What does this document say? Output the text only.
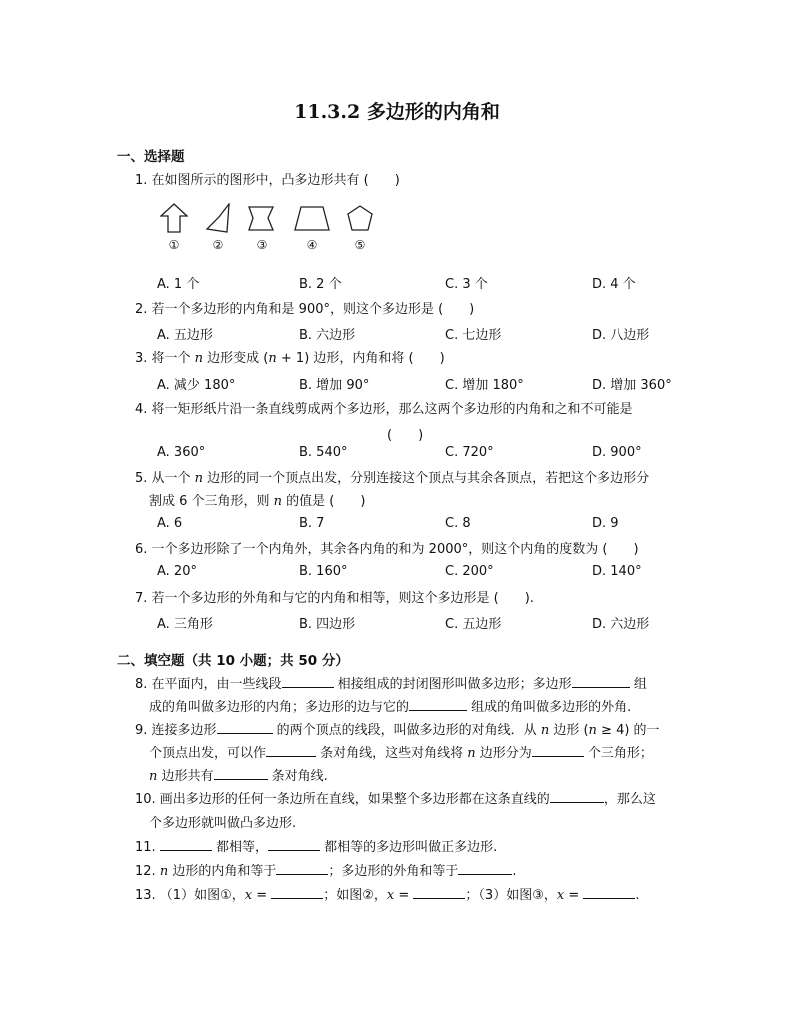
11.3.2 多边形的内角和
一、选择题
1. 在如图所示的图形中，凸多边形共有 (　　)
①	②	③	④	⑤
A. 1 个	B. 2 个	C. 3 个	D. 4 个
2. 若一个多边形的内角和是 900°，则这个多边形是 (　　)
A. 五边形	B. 六边形	C. 七边形	D. 八边形
3. 将一个 n 边形变成 (n + 1) 边形，内角和将 (　　)
A. 减少 180°	B. 增加 90°	C. 增加 180°	D. 增加 360°
4. 将一矩形纸片沿一条直线剪成两个多边形，那么这两个多边形的内角和之和不可能是
(　　)
A. 360°	B. 540°	C. 720°	D. 900°
5. 从一个 n 边形的同一个顶点出发，分别连接这个顶点与其余各顶点，若把这个多边形分
割成 6 个三角形，则 n 的值是 (　　)
A. 6	B. 7	C. 8	D. 9
6. 一个多边形除了一个内角外，其余各内角的和为 2000°，则这个内角的度数为 (　　)
A. 20°	B. 160°	C. 200°	D. 140°
7. 若一个多边形的外角和与它的内角和相等，则这个多边形是 (　　).
A. 三角形	B. 四边形	C. 五边形	D. 六边形
二、填空题（共 10 小题；共 50 分）
8. 在平面内，由一些线段	相接组成的封闭图形叫做多边形；多边形	组
成的角叫做多边形的内角；多边形的边与它的	组成的角叫做多边形的外角.
9. 连接多边形	的两个顶点的线段，叫做多边形的对角线．从 n 边形 (n ≥ 4) 的一
个顶点出发，可以作	条对角线，这些对角线将 n 边形分为	个三角形；
n 边形共有	条对角线.
10. 画出多边形的任何一条边所在直线，如果整个多边形都在这条直线的	，那么这
个多边形就叫做凸多边形.
11.	都相等，	都相等的多边形叫做正多边形.
12. n 边形的内角和等于	；多边形的外角和等于	.
13. （1）如图①，x =	；如图②，x =	；（3）如图③，x =	.
